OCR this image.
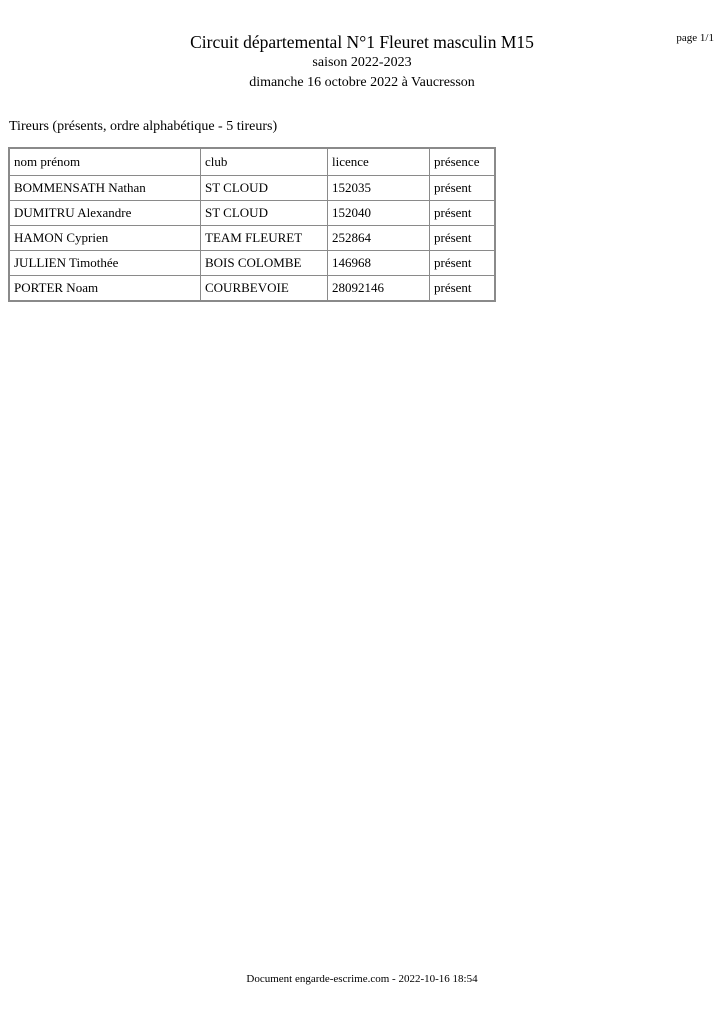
page 1/1
Circuit départemental N°1 Fleuret masculin M15
saison 2022-2023
dimanche 16 octobre 2022 à Vaucresson
Tireurs (présents, ordre alphabétique - 5 tireurs)
nom prénom	club	licence	présence
BOMMENSATH Nathan	ST CLOUD	152035	présent
DUMITRU Alexandre	ST CLOUD	152040	présent
HAMON Cyprien	TEAM FLEURET	252864	présent
JULLIEN Timothée	BOIS COLOMBE	146968	présent
PORTER Noam	COURBEVOIE	28092146	présent
Document engarde-escrime.com - 2022-10-16 18:54
